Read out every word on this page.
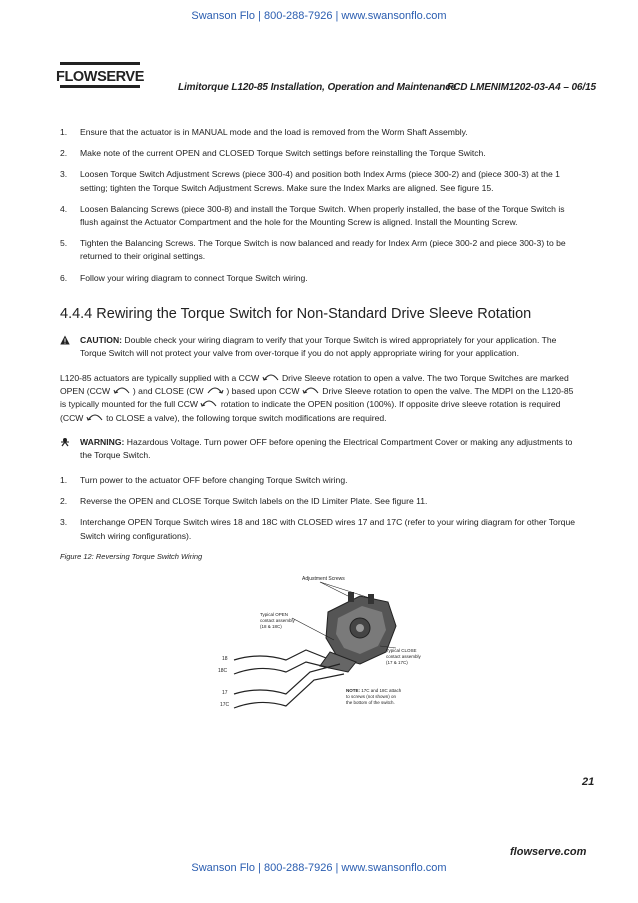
Swanson Flo | 800-288-7926 | www.swansonflo.com
FLOWSERVE
Limitorque L120-85 Installation, Operation and Maintenance
FCD LMENIM1202-03-A4 – 06/15
1. Ensure that the actuator is in MANUAL mode and the load is removed from the Worm Shaft Assembly.
2. Make note of the current OPEN and CLOSED Torque Switch settings before reinstalling the Torque Switch.
3. Loosen Torque Switch Adjustment Screws (piece 300-4) and position both Index Arms (piece 300-2) and (piece 300-3) at the 1 setting; tighten the Torque Switch Adjustment Screws. Make sure the Index Marks are aligned. See figure 15.
4. Loosen Balancing Screws (piece 300-8) and install the Torque Switch. When properly installed, the base of the Torque Switch is flush against the Actuator Compartment and the hole for the Mounting Screw is aligned. Install the Mounting Screw.
5. Tighten the Balancing Screws. The Torque Switch is now balanced and ready for Index Arm (piece 300-2 and piece 300-3) to be returned to their original settings.
6. Follow your wiring diagram to connect Torque Switch wiring.
4.4.4 Rewiring the Torque Switch for Non-Standard Drive Sleeve Rotation
CAUTION: Double check your wiring diagram to verify that your Torque Switch is wired appropriately for your application. The Torque Switch will not protect your valve from over-torque if you do not apply appropriate wiring for your application.
L120-85 actuators are typically supplied with a CCW	Drive Sleeve rotation to open a valve. The two Torque Switches are marked OPEN (CCW	) and CLOSE (CW	) based upon CCW	Drive Sleeve rotation to open the valve. The MDPI on the L120-85 is typically mounted for the full CCW	rotation to indicate the OPEN position (100%). If opposite drive sleeve rotation is required (CCW	to CLOSE a valve), the following torque switch modifications are required.
WARNING: Hazardous Voltage. Turn power OFF before opening the Electrical Compartment Cover or making any adjustments to the Torque Switch.
1. Turn power to the actuator OFF before changing Torque Switch wiring.
2. Reverse the OPEN and CLOSE Torque Switch labels on the ID Limiter Plate. See figure 11.
3. Interchange OPEN Torque Switch wires 18 and 18C with CLOSED wires 17 and 17C (refer to your wiring diagram for other Torque Switch wiring configurations).
Figure 12: Reversing Torque Switch Wiring
Adjustment Screws
Typical OPEN
contact assembly
(18 & 18C)
Typical CLOSE
contact assembly
(17 & 17C)
18
18C
17
17C
NOTE: 17C and 18C attach
to screws (not shown) on
the bottom of the switch.
21
flowserve.com
Swanson Flo | 800-288-7926 | www.swansonflo.com
